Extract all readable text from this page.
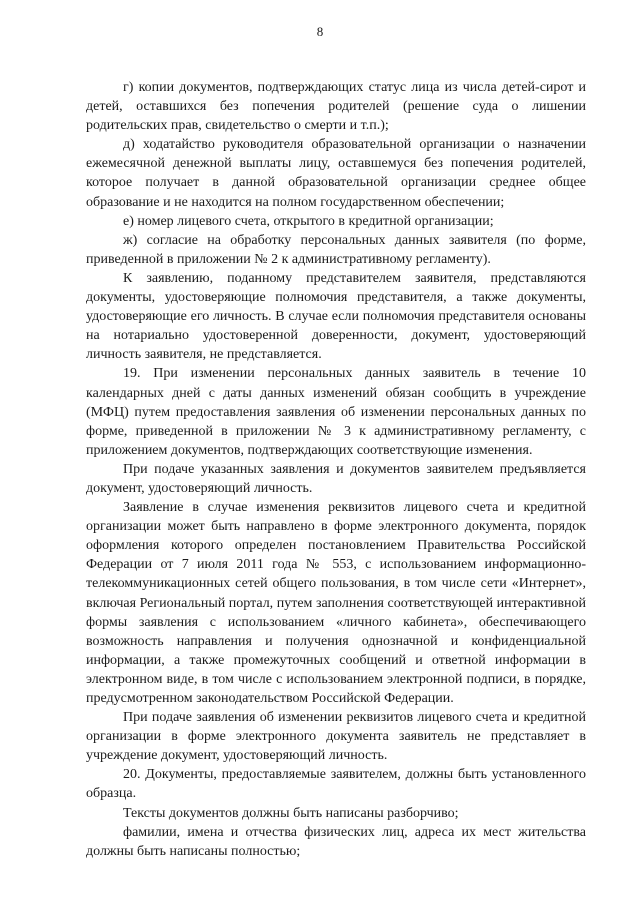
8

г) копии документов, подтверждающих статус лица из числа детей-сирот и детей, оставшихся без попечения родителей (решение суда о лишении родительских прав, свидетельство о смерти и т.п.);

д) ходатайство руководителя образовательной организации о назначении ежемесячной денежной выплаты лицу, оставшемуся без попечения родителей, которое получает в данной образовательной организации среднее общее образование и не находится на полном государственном обеспечении;

е) номер лицевого счета, открытого в кредитной организации;

ж) согласие на обработку персональных данных заявителя (по форме, приведенной в приложении № 2 к административному регламенту).

К заявлению, поданному представителем заявителя, представляются документы, удостоверяющие полномочия представителя, а также документы, удостоверяющие его личность. В случае если полномочия представителя основаны на нотариально удостоверенной доверенности, документ, удостоверяющий личность заявителя, не представляется.

19. При изменении персональных данных заявитель в течение 10 календарных дней с даты данных изменений обязан сообщить в учреждение (МФЦ) путем предоставления заявления об изменении персональных данных по форме, приведенной в приложении № 3 к административному регламенту, с приложением документов, подтверждающих соответствующие изменения.

При подаче указанных заявления и документов заявителем предъявляется документ, удостоверяющий личность.

Заявление в случае изменения реквизитов лицевого счета и кредитной организации может быть направлено в форме электронного документа, порядок оформления которого определен постановлением Правительства Российской Федерации от 7 июля 2011 года № 553, с использованием информационно-телекоммуникационных сетей общего пользования, в том числе сети «Интернет», включая Региональный портал, путем заполнения соответствующей интерактивной формы заявления с использованием «личного кабинета», обеспечивающего возможность направления и получения однозначной и конфиденциальной информации, а также промежуточных сообщений и ответной информации в электронном виде, в том числе с использованием электронной подписи, в порядке, предусмотренном законодательством Российской Федерации.

При подаче заявления об изменении реквизитов лицевого счета и кредитной организации в форме электронного документа заявитель не представляет в учреждение документ, удостоверяющий личность.

20. Документы, предоставляемые заявителем, должны быть установленного образца.

Тексты документов должны быть написаны разборчиво;

фамилии, имена и отчества физических лиц, адреса их мест жительства должны быть написаны полностью;
